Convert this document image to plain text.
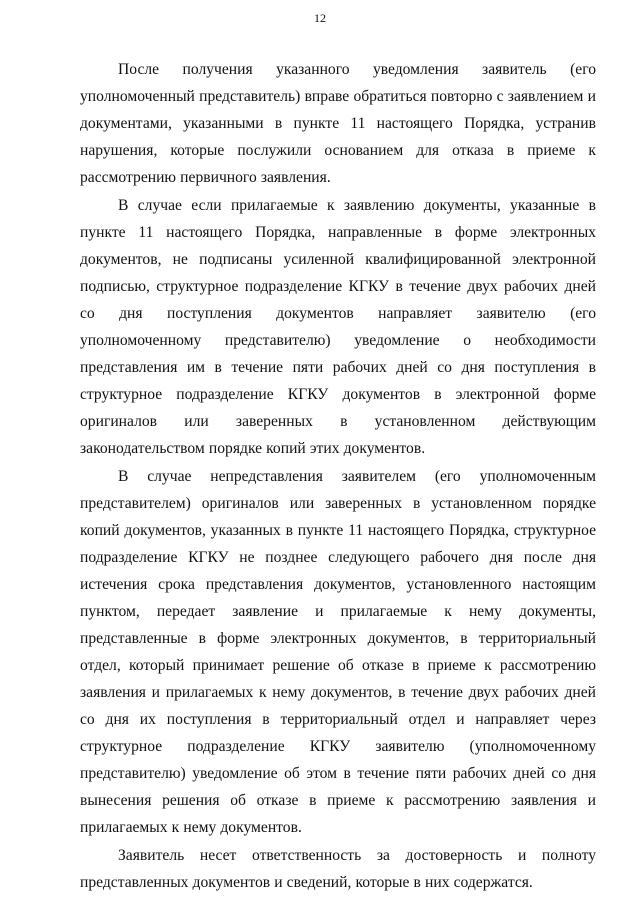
12

После получения указанного уведомления заявитель (его уполномоченный представитель) вправе обратиться повторно с заявлением и документами, указанными в пункте 11 настоящего Порядка, устранив нарушения, которые послужили основанием для отказа в приеме к рассмотрению первичного заявления.

В случае если прилагаемые к заявлению документы, указанные в пункте 11 настоящего Порядка, направленные в форме электронных документов, не подписаны усиленной квалифицированной электронной подписью, структурное подразделение КГКУ в течение двух рабочих дней со дня поступления документов направляет заявителю (его уполномоченному представителю) уведомление о необходимости представления им в течение пяти рабочих дней со дня поступления в структурное подразделение КГКУ документов в электронной форме оригиналов или заверенных в установленном действующим законодательством порядке копий этих документов.

В случае непредставления заявителем (его уполномоченным представителем) оригиналов или заверенных в установленном порядке копий документов, указанных в пункте 11 настоящего Порядка, структурное подразделение КГКУ не позднее следующего рабочего дня после дня истечения срока представления документов, установленного настоящим пунктом, передает заявление и прилагаемые к нему документы, представленные в форме электронных документов, в территориальный отдел, который принимает решение об отказе в приеме к рассмотрению заявления и прилагаемых к нему документов, в течение двух рабочих дней со дня их поступления в территориальный отдел и направляет через структурное подразделение КГКУ заявителю (уполномоченному представителю) уведомление об этом в течение пяти рабочих дней со дня вынесения решения об отказе в приеме к рассмотрению заявления и прилагаемых к нему документов.

Заявитель несет ответственность за достоверность и полноту представленных документов и сведений, которые в них содержатся.
